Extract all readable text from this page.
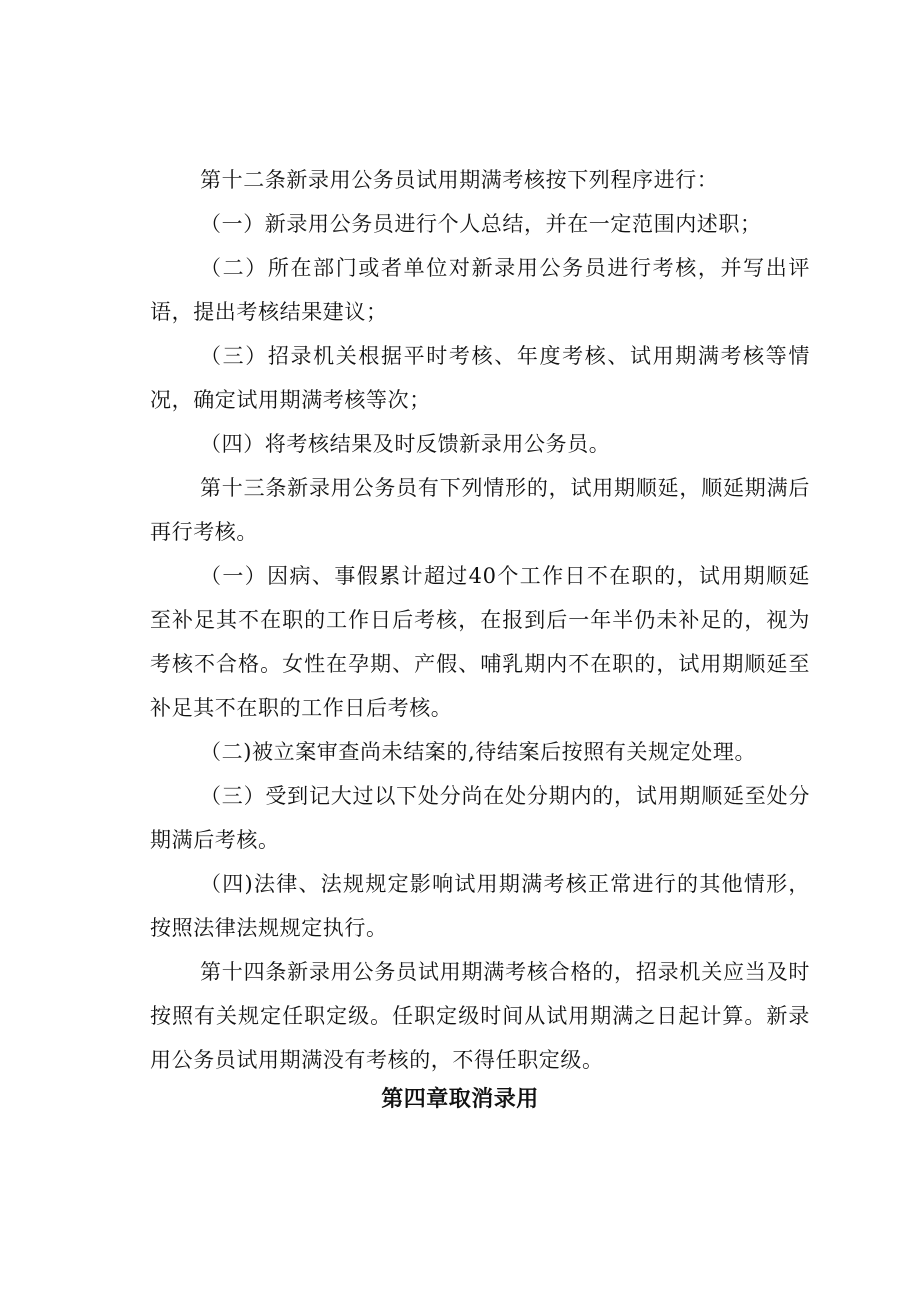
第十二条新录用公务员试用期满考核按下列程序进行：

（一）新录用公务员进行个人总结，并在一定范围内述职；

（二）所在部门或者单位对新录用公务员进行考核，并写出评语，提出考核结果建议；

（三）招录机关根据平时考核、年度考核、试用期满考核等情况，确定试用期满考核等次；

（四）将考核结果及时反馈新录用公务员。

第十三条新录用公务员有下列情形的，试用期顺延，顺延期满后再行考核。

（一）因病、事假累计超过40个工作日不在职的，试用期顺延至补足其不在职的工作日后考核，在报到后一年半仍未补足的，视为考核不合格。女性在孕期、产假、哺乳期内不在职的，试用期顺延至补足其不在职的工作日后考核。

（二)被立案审查尚未结案的,待结案后按照有关规定处理。

（三）受到记大过以下处分尚在处分期内的，试用期顺延至处分期满后考核。

（四)法律、法规规定影响试用期满考核正常进行的其他情形，按照法律法规规定执行。

第十四条新录用公务员试用期满考核合格的，招录机关应当及时按照有关规定任职定级。任职定级时间从试用期满之日起计算。新录用公务员试用期满没有考核的，不得任职定级。

第四章取消录用
